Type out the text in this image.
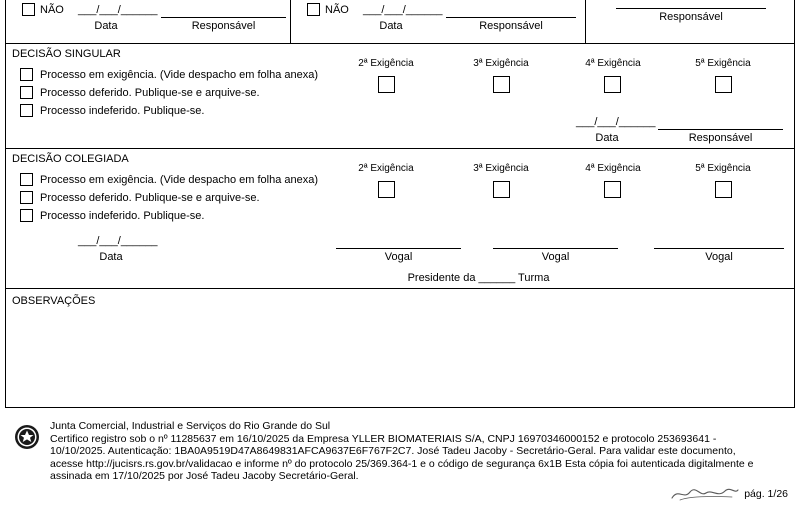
NÃO ___/___/______
Data	Responsável
NÃO ___/___/______
Data	Responsável
Responsável
DECISÃO SINGULAR
Processo em exigência. (Vide despacho em folha anexa)
Processo deferido. Publique-se e arquive-se.
Processo indeferido. Publique-se.
2ª Exigência	3ª Exigência	4ª Exigência	5ª Exigência
___/___/______
Data	Responsável
DECISÃO COLEGIADA
Processo em exigência. (Vide despacho em folha anexa)
Processo deferido. Publique-se e arquive-se.
Processo indeferido. Publique-se.
2ª Exigência	3ª Exigência	4ª Exigência	5ª Exigência
___/___/______
Data	Vogal	Vogal	Vogal
Presidente da ______ Turma
OBSERVAÇÕES
Junta Comercial, Industrial e Serviços do Rio Grande do Sul
Certifico registro sob o nº 11285637 em 16/10/2025 da Empresa YLLER BIOMATERIAIS S/A, CNPJ 16970346000152 e protocolo 253693641 - 10/10/2025. Autenticação: 1BA0A9519D47A8649831AFCA9637E6F767F2C7. José Tadeu Jacoby - Secretário-Geral. Para validar este documento, acesse http://jucisrs.rs.gov.br/validacao e informe nº do protocolo 25/369.364-1 e o código de segurança 6x1B Esta cópia foi autenticada digitalmente e assinada em 17/10/2025 por José Tadeu Jacoby Secretário-Geral.
pág. 1/26
